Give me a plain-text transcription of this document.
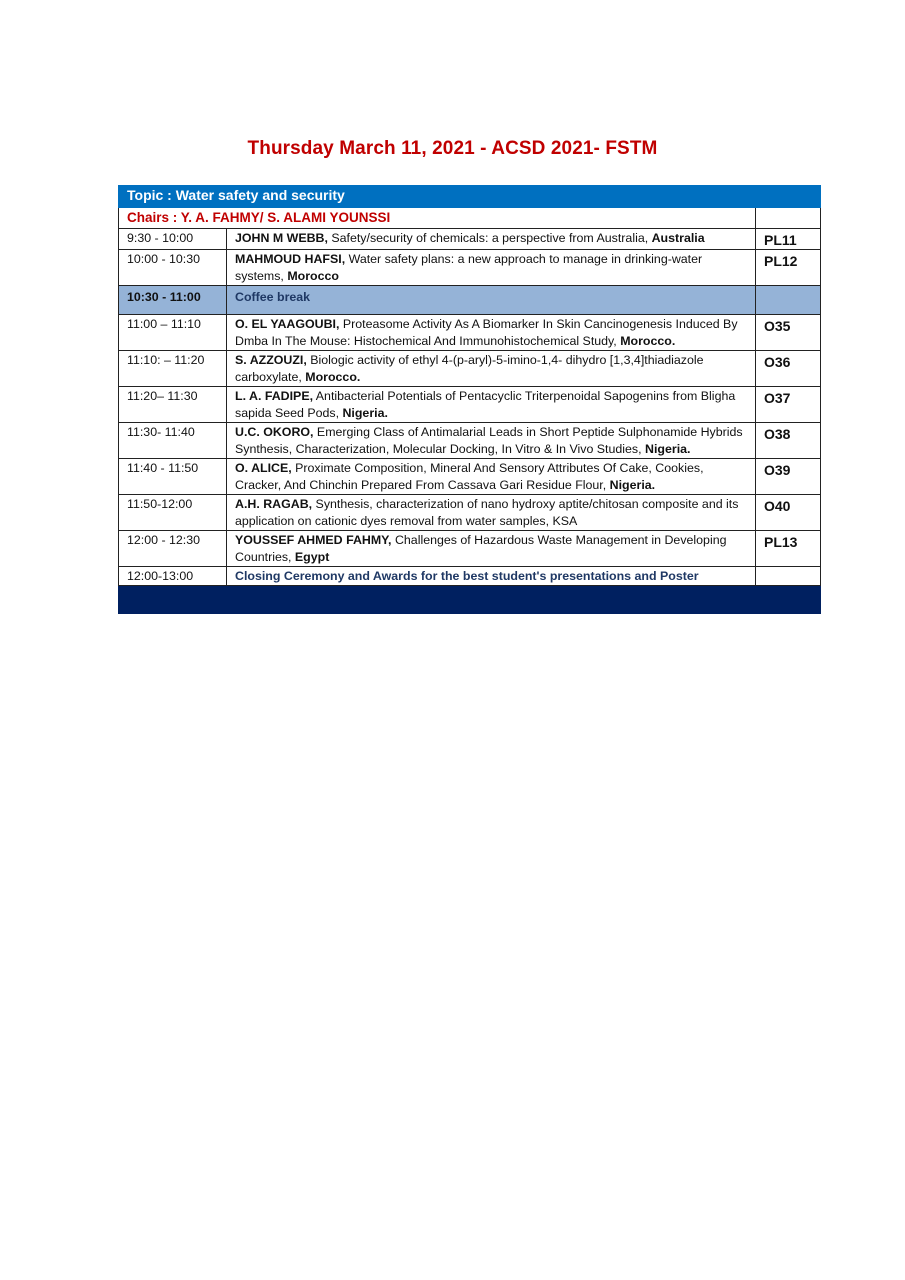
Thursday March 11, 2021 - ACSD 2021- FSTM
Topic : Water safety and security		
Chairs : Y. A. FAHMY/ S. ALAMI YOUNSSI		
9:30 - 10:00	JOHN M WEBB, Safety/security of chemicals: a perspective from Australia, Australia	PL11
10:00 - 10:30	MAHMOUD HAFSI, Water safety plans: a new approach to manage in drinking-water systems, Morocco	PL12
10:30 - 11:00	Coffee break	
11:00 – 11:10	O. EL YAAGOUBI, Proteasome Activity As A Biomarker In Skin Cancinogenesis Induced By Dmba In The Mouse: Histochemical And Immunohistochemical Study, Morocco.	O35
11:10: – 11:20	S. AZZOUZI, Biologic activity of ethyl 4-(p-aryl)-5-imino-1,4- dihydro [1,3,4]thiadiazole carboxylate, Morocco.	O36
11:20– 11:30	L. A. FADIPE, Antibacterial Potentials of Pentacyclic Triterpenoidal Sapogenins from Bligha sapida Seed Pods, Nigeria.	O37
11:30- 11:40	U.C. OKORO, Emerging Class of Antimalarial Leads in Short Peptide Sulphonamide Hybrids Synthesis, Characterization, Molecular Docking, In Vitro & In Vivo Studies, Nigeria.	O38
11:40 - 11:50	O. ALICE, Proximate Composition, Mineral And Sensory Attributes Of Cake, Cookies, Cracker, And Chinchin Prepared From Cassava Gari Residue Flour, Nigeria.	O39
11:50-12:00	A.H. RAGAB, Synthesis, characterization of nano hydroxy aptite/chitosan composite and its application on cationic dyes removal from water samples, KSA	O40
12:00 - 12:30	YOUSSEF AHMED FAHMY, Challenges of Hazardous Waste Management in Developing Countries, Egypt	PL13
12:00-13:00	Closing Ceremony and Awards for the best student's presentations and Poster	
